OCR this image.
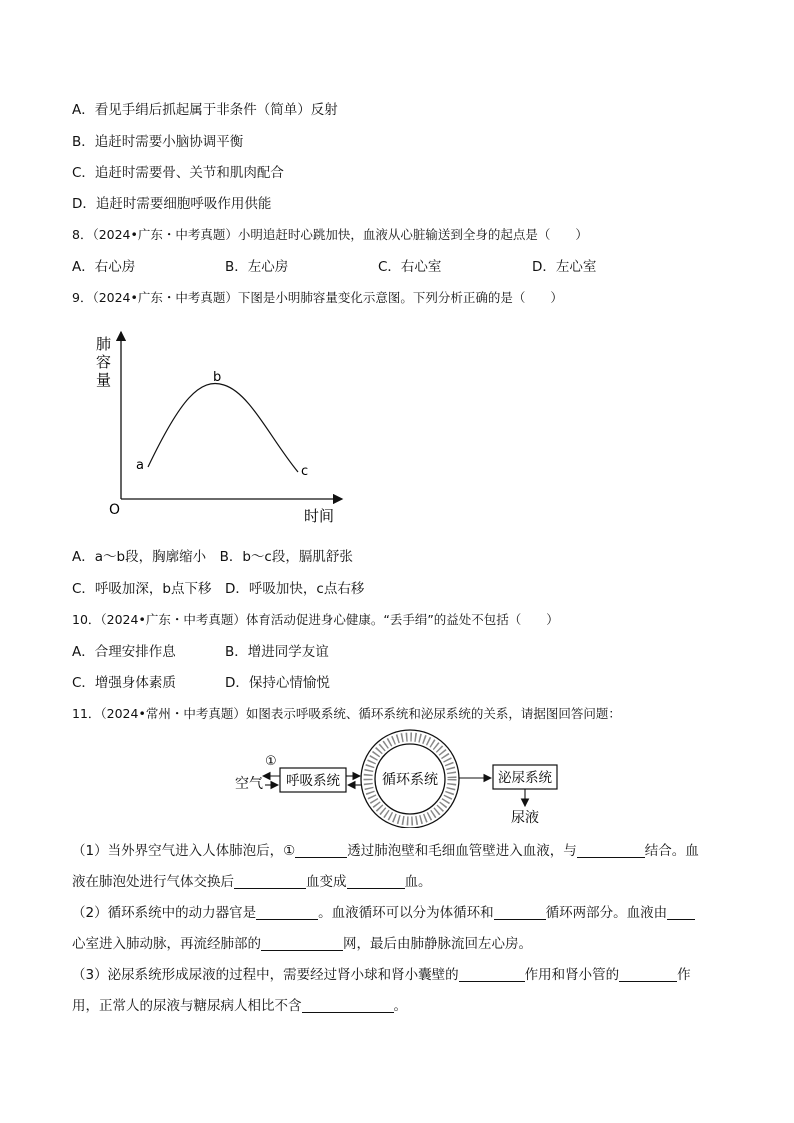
A．看见手绢后抓起属于非条件（简单）反射
B．追赶时需要小脑协调平衡
C．追赶时需要骨、关节和肌肉配合
D．追赶时需要细胞呼吸作用供能
8．（2024•广东・中考真题）小明追赶时心跳加快，血液从心脏输送到全身的起点是（　　）
A．右心房	B．左心房	C．右心室	D．左心室
9．（2024•广东・中考真题）下图是小明肺容量变化示意图。下列分析正确的是（　　）
肺
容
量
O	时间
a
b
c
A．a～b段，胸廓缩小　B．b～c段，膈肌舒张
C．呼吸加深，b点下移　D．呼吸加快，c点右移
10．（2024•广东・中考真题）体育活动促进身心健康。“丢手绢”的益处不包括（　　）
A．合理安排作息	B．增进同学友谊
C．增强身体素质	D．保持心情愉悦
11．（2024•常州・中考真题）如图表示呼吸系统、循环系统和泌尿系统的关系，请据图回答问题：
循环系统
呼吸系统
①
空气	泌尿系统
尿液
（1）当外界空气进入人体肺泡后，①	透过肺泡壁和毛细血管壁进入血液，与	结合。血
液在肺泡处进行气体交换后	血变成	血。
（2）循环系统中的动力器官是	。血液循环可以分为体循环和	循环两部分。血液由
心室进入肺动脉，再流经肺部的	网，最后由肺静脉流回左心房。
（3）泌尿系统形成尿液的过程中，需要经过肾小球和肾小囊壁的	作用和肾小管的	作
用，正常人的尿液与糖尿病人相比不含	。
